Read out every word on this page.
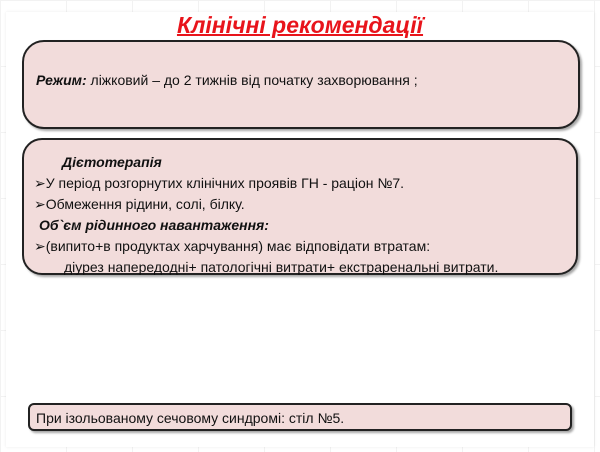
Клінічні рекомендації
Режим: ліжковий – до 2 тижнів від початку захворювання ;
Дієтотерапія
➢У період розгорнутих клінічних проявів ГН - раціон №7.
➢Обмеження рідини, солі, білку.
Об`єм рідинного навантаження:
➢(випито+в продуктах харчування) має відповідати втратам:
діурез напередодні+ патологічні витрати+ екстраренальні витрати.
При ізольованому сечовому синдромі: стіл №5.
